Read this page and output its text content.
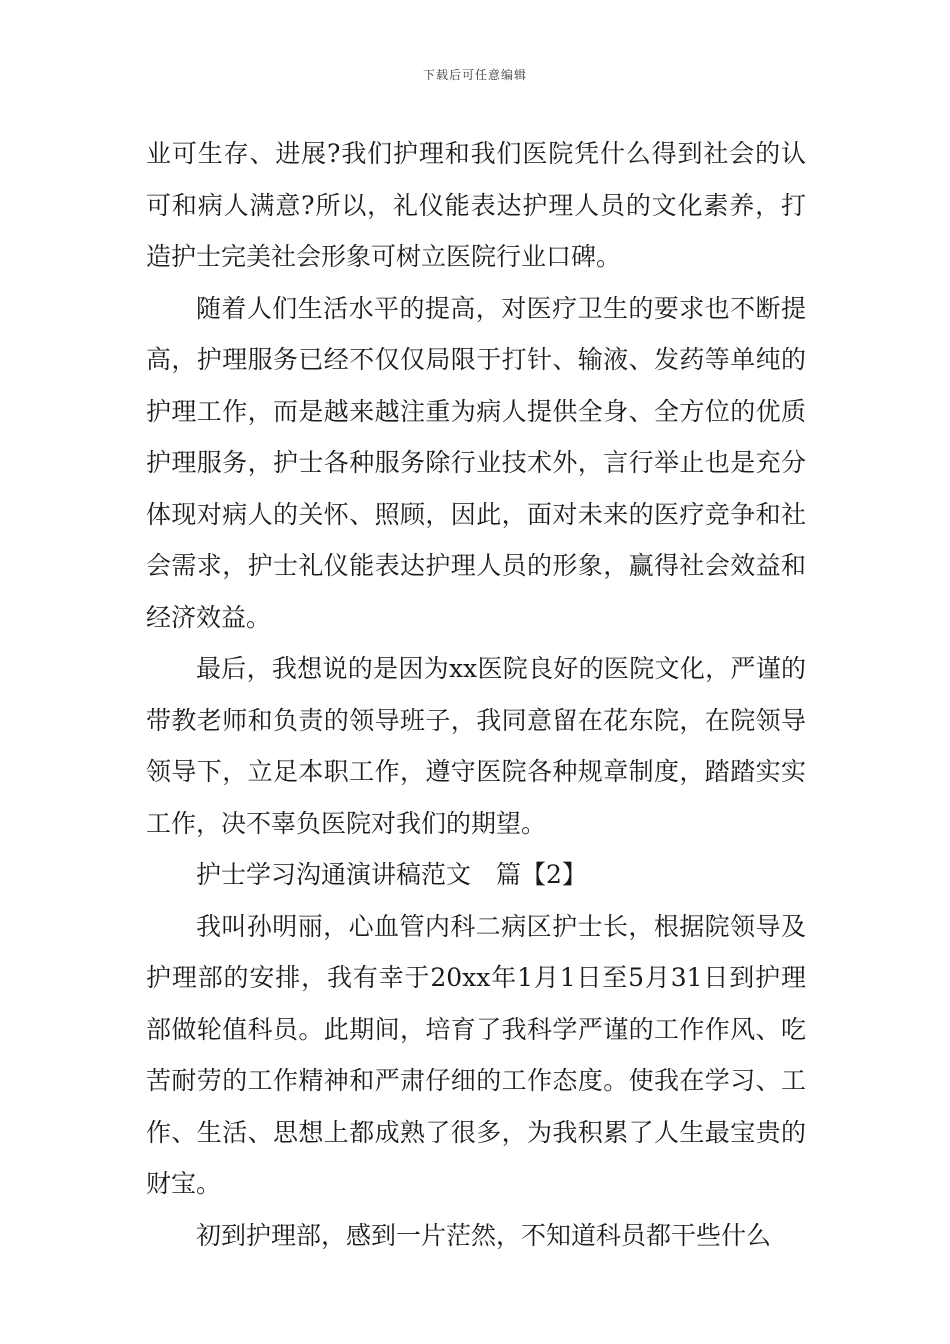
下载后可任意编辑

业可生存、进展?我们护理和我们医院凭什么得到社会的认可和病人满意?所以，礼仪能表达护理人员的文化素养，打造护士完美社会形象可树立医院行业口碑。

随着人们生活水平的提高，对医疗卫生的要求也不断提高，护理服务已经不仅仅局限于打针、输液、发药等单纯的护理工作，而是越来越注重为病人提供全身、全方位的优质护理服务，护士各种服务除行业技术外，言行举止也是充分体现对病人的关怀、照顾，因此，面对未来的医疗竞争和社会需求，护士礼仪能表达护理人员的形象，赢得社会效益和经济效益。

最后，我想说的是因为xx医院良好的医院文化，严谨的带教老师和负责的领导班子，我同意留在花东院，在院领导领导下，立足本职工作，遵守医院各种规章制度，踏踏实实工作，决不辜负医院对我们的期望。

护士学习沟通演讲稿范文　篇【2】

我叫孙明丽，心血管内科二病区护士长，根据院领导及护理部的安排，我有幸于20xx年1月1日至5月31日到护理部做轮值科员。此期间，培育了我科学严谨的工作作风、吃苦耐劳的工作精神和严肃仔细的工作态度。使我在学习、工作、生活、思想上都成熟了很多，为我积累了人生最宝贵的财宝。

初到护理部，感到一片茫然，不知道科员都干些什么
